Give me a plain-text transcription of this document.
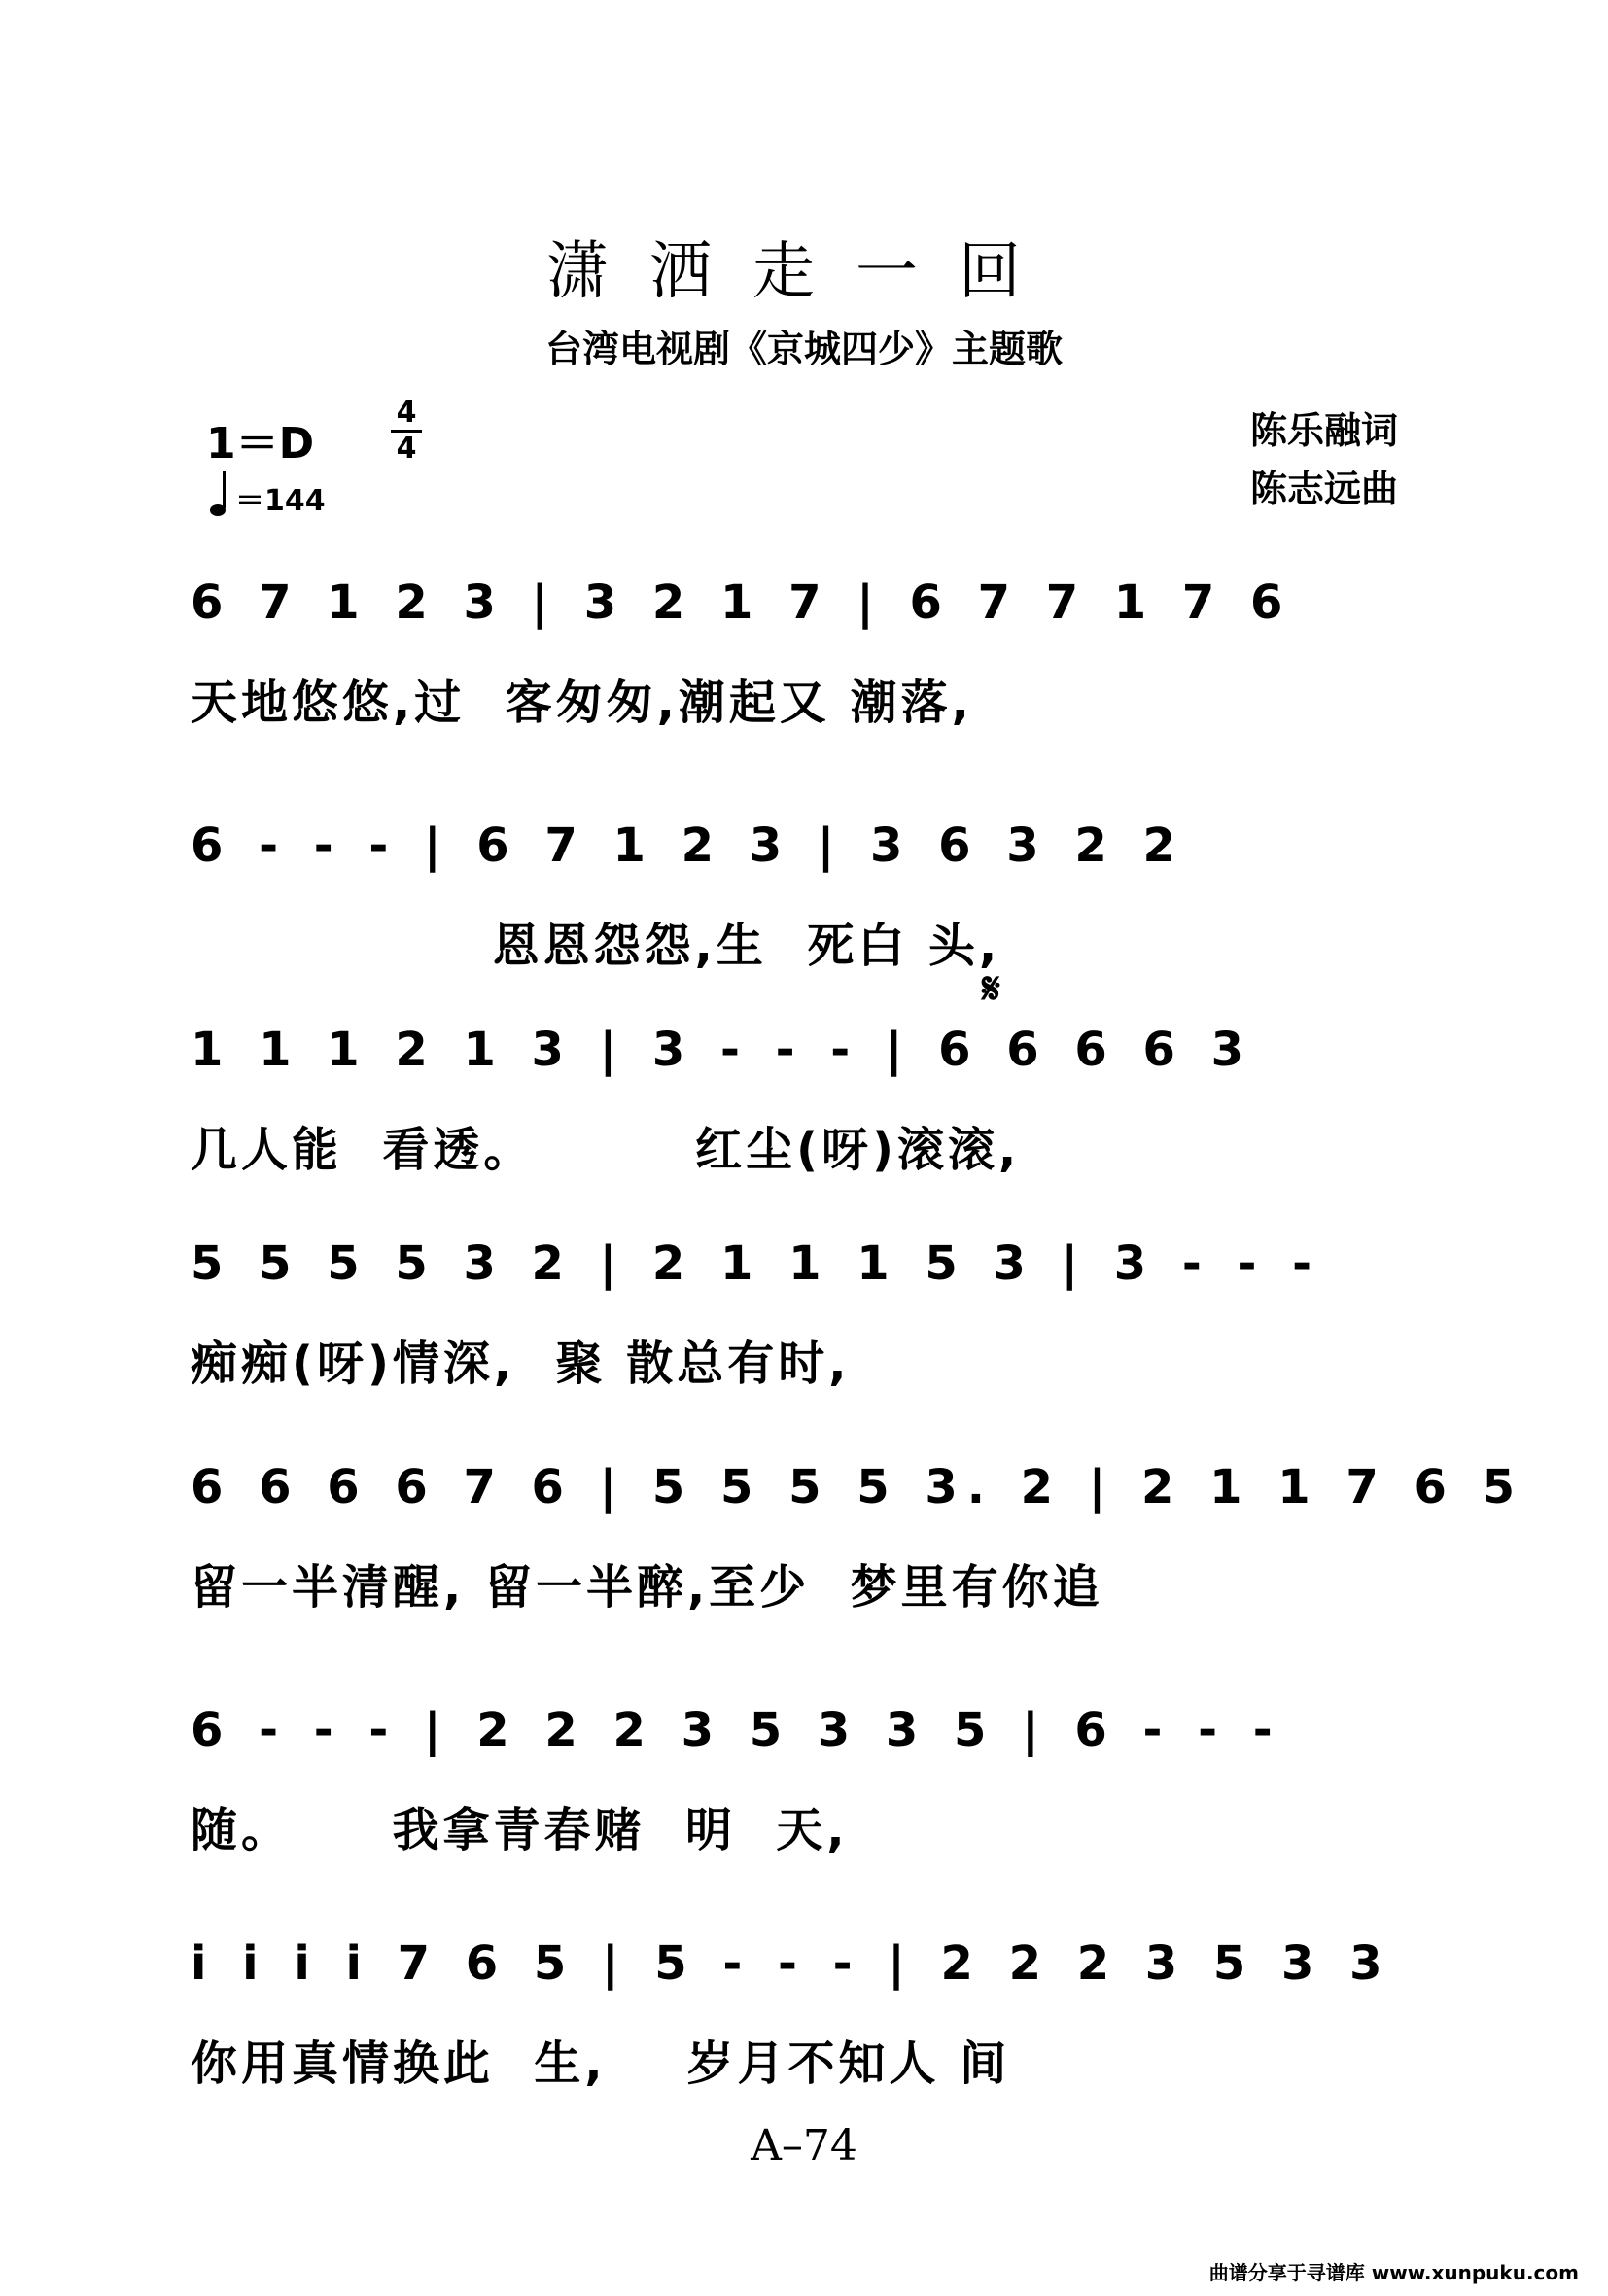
潇洒走一回
台湾电视剧《京城四少》主题歌
1＝D
4
4
＝144
陈乐融词
陈志远曲
6 7 1 2 3 | 3 2 1 7 | 6 7 7 1 7 6
天地悠悠,过  客匆匆,潮起又 潮落,
6 - - - | 6 7 1 2 3 | 3 6 3 2 2
恩恩怨怨,生  死白 头,
𝄋
1 1 1 2 1 3 | 3 - - - | 6 6 6 6 3
几人能  看透。        红尘(呀)滚滚,
5 5 5 5 3 2 | 2 1 1 1 5 3 | 3 - - -
痴痴(呀)情深,  聚 散总有时,
6 6 6 6 7 6 | 5 5 5 5 3. 2 | 2 1 1 7 6 5
留一半清醒, 留一半醉,至少  梦里有你追
6 - - - | 2 2 2 3 5 3 3 5 | 6 - - -
随。     我拿青春赌  明  天,
i i i i 7 6 5 | 5 - - - | 2 2 2 3 5 3 3
你用真情换此  生,    岁月不知人 间
A–74
曲谱分享于寻谱库 www.xunpuku.com
